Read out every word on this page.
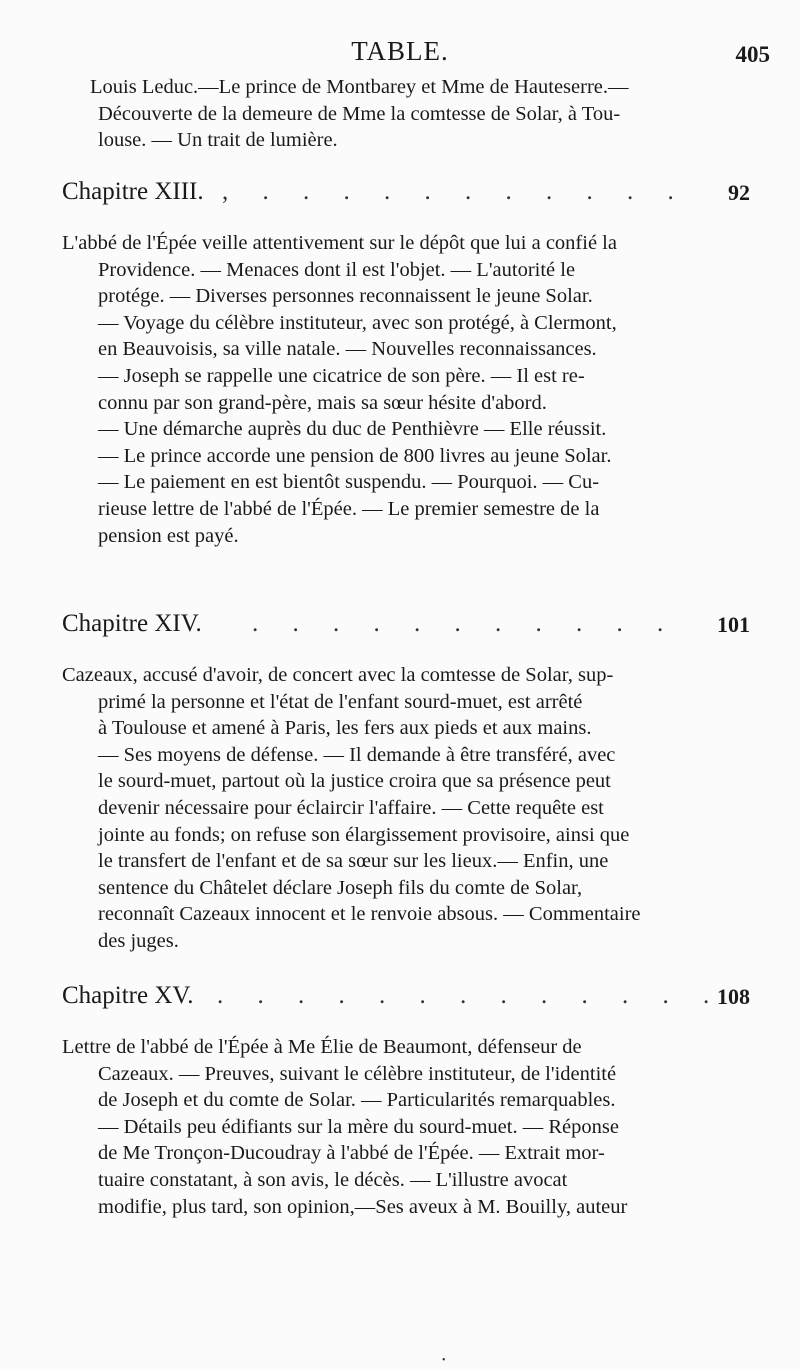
TABLE.	405
Louis Leduc.—Le prince de Montbarey et Mme de Hauteserre.—
Découverte de la demeure de Mme la comtesse de Solar, à Tou-
louse. — Un trait de lumière.
Chapitre XIII. , . . . . . . . . . . . 92
L'abbé de l'Épée veille attentivement sur le dépôt que lui a confié la
Providence. — Menaces dont il est l'objet. — L'autorité le
protége. — Diverses personnes reconnaissent le jeune Solar.
— Voyage du célèbre instituteur, avec son protégé, à Clermont,
en Beauvoisis, sa ville natale. — Nouvelles reconnaissances.
— Joseph se rappelle une cicatrice de son père. — Il est re-
connu par son grand-père, mais sa sœur hésite d'abord.
— Une démarche auprès du duc de Penthièvre — Elle réussit.
— Le prince accorde une pension de 800 livres au jeune Solar.
— Le paiement en est bientôt suspendu. — Pourquoi. — Cu-
rieuse lettre de l'abbé de l'Épée. — Le premier semestre de la
pension est payé.
Chapitre XIV. . . . . . . . . . . . 101
Cazeaux, accusé d'avoir, de concert avec la comtesse de Solar, sup-
primé la personne et l'état de l'enfant sourd-muet, est arrêté
à Toulouse et amené à Paris, les fers aux pieds et aux mains.
— Ses moyens de défense. — Il demande à être transféré, avec
le sourd-muet, partout où la justice croira que sa présence peut
devenir nécessaire pour éclaircir l'affaire. — Cette requête est
jointe au fonds; on refuse son élargissement provisoire, ainsi que
le transfert de l'enfant et de sa sœur sur les lieux.— Enfin, une
sentence du Châtelet déclare Joseph fils du comte de Solar,
reconnaît Cazeaux innocent et le renvoie absous. — Commentaire
des juges.
Chapitre XV. . . . . . . . . . . . . .
108
Lettre de l'abbé de l'Épée à Me Élie de Beaumont, défenseur de
Cazeaux. — Preuves, suivant le célèbre instituteur, de l'identité
de Joseph et du comte de Solar. — Particularités remarquables.
— Détails peu édifiants sur la mère du sourd-muet. — Réponse
de Me Tronçon-Ducoudray à l'abbé de l'Épée. — Extrait mor-
tuaire constatant, à son avis, le décès. — L'illustre avocat
modifie, plus tard, son opinion,—Ses aveux à M. Bouilly, auteur
•
